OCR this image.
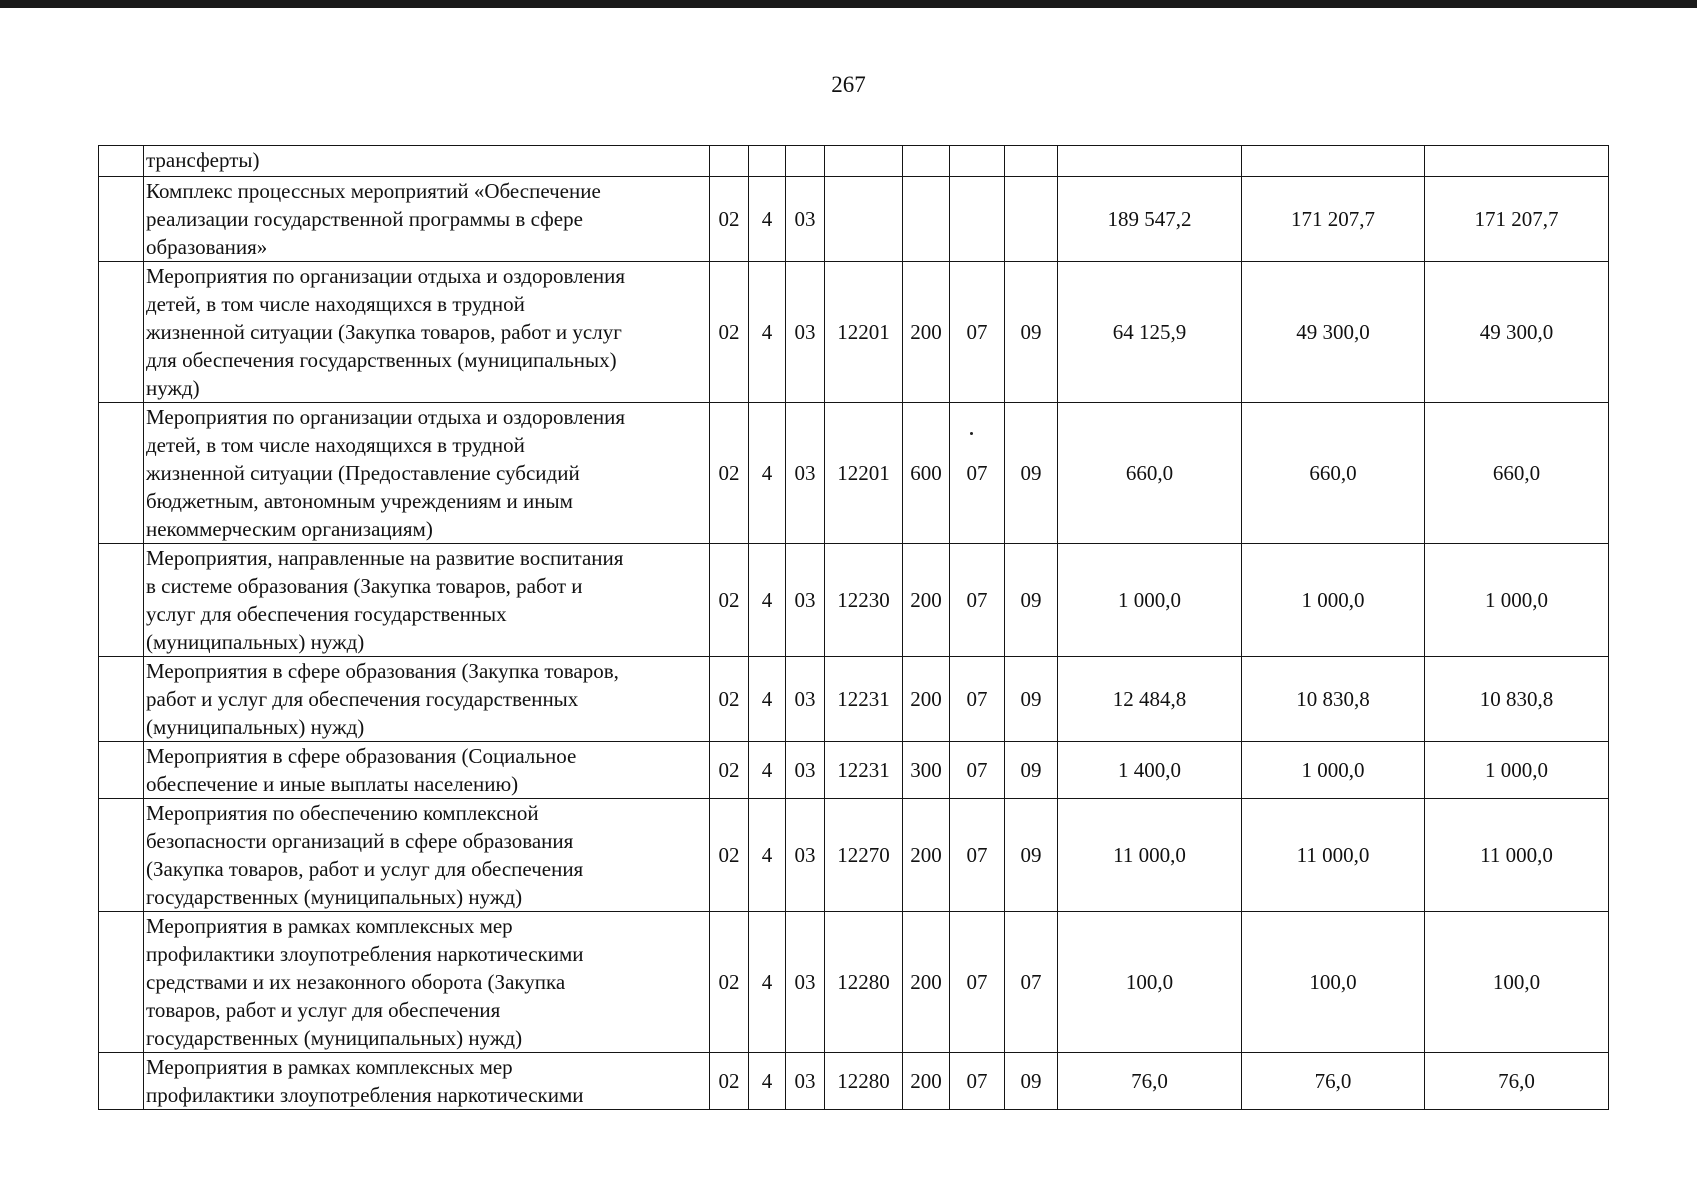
267

	трансферты)										

	Комплекс процессных мероприятий «Обеспечение
реализации государственной программы в сфере
образования»	02	4	03					189 547,2	171 207,7	171 207,7

	Мероприятия по организации отдыха и оздоровления
детей, в том числе находящихся в трудной
жизненной ситуации (Закупка товаров, работ и услуг
для обеспечения государственных (муниципальных)
нужд)	02	4	03	12201	200	07	09	64 125,9	49 300,0	49 300,0

	Мероприятия по организации отдыха и оздоровления
детей, в том числе находящихся в трудной
жизненной ситуации (Предоставление субсидий
бюджетным, автономным учреждениям и иным
некоммерческим организациям)	02	4	03	12201	600	07	09	660,0	660,0	660,0

	Мероприятия, направленные на развитие воспитания
в системе образования (Закупка товаров, работ и
услуг для обеспечения государственных
(муниципальных) нужд)	02	4	03	12230	200	07	09	1 000,0	1 000,0	1 000,0

	Мероприятия в сфере образования (Закупка товаров,
работ и услуг для обеспечения государственных
(муниципальных) нужд)	02	4	03	12231	200	07	09	12 484,8	10 830,8	10 830,8

	Мероприятия в сфере образования (Социальное
обеспечение и иные выплаты населению)	02	4	03	12231	300	07	09	1 400,0	1 000,0	1 000,0

	Мероприятия по обеспечению комплексной
безопасности организаций в сфере образования
(Закупка товаров, работ и услуг для обеспечения
государственных (муниципальных) нужд)	02	4	03	12270	200	07	09	11 000,0	11 000,0	11 000,0

	Мероприятия в рамках комплексных мер
профилактики злоупотребления наркотическими
средствами и их незаконного оборота (Закупка
товаров, работ и услуг для обеспечения
государственных (муниципальных) нужд)	02	4	03	12280	200	07	07	100,0	100,0	100,0

	Мероприятия в рамках комплексных мер
профилактики злоупотребления наркотическими	02	4	03	12280	200	07	09	76,0	76,0	76,0
